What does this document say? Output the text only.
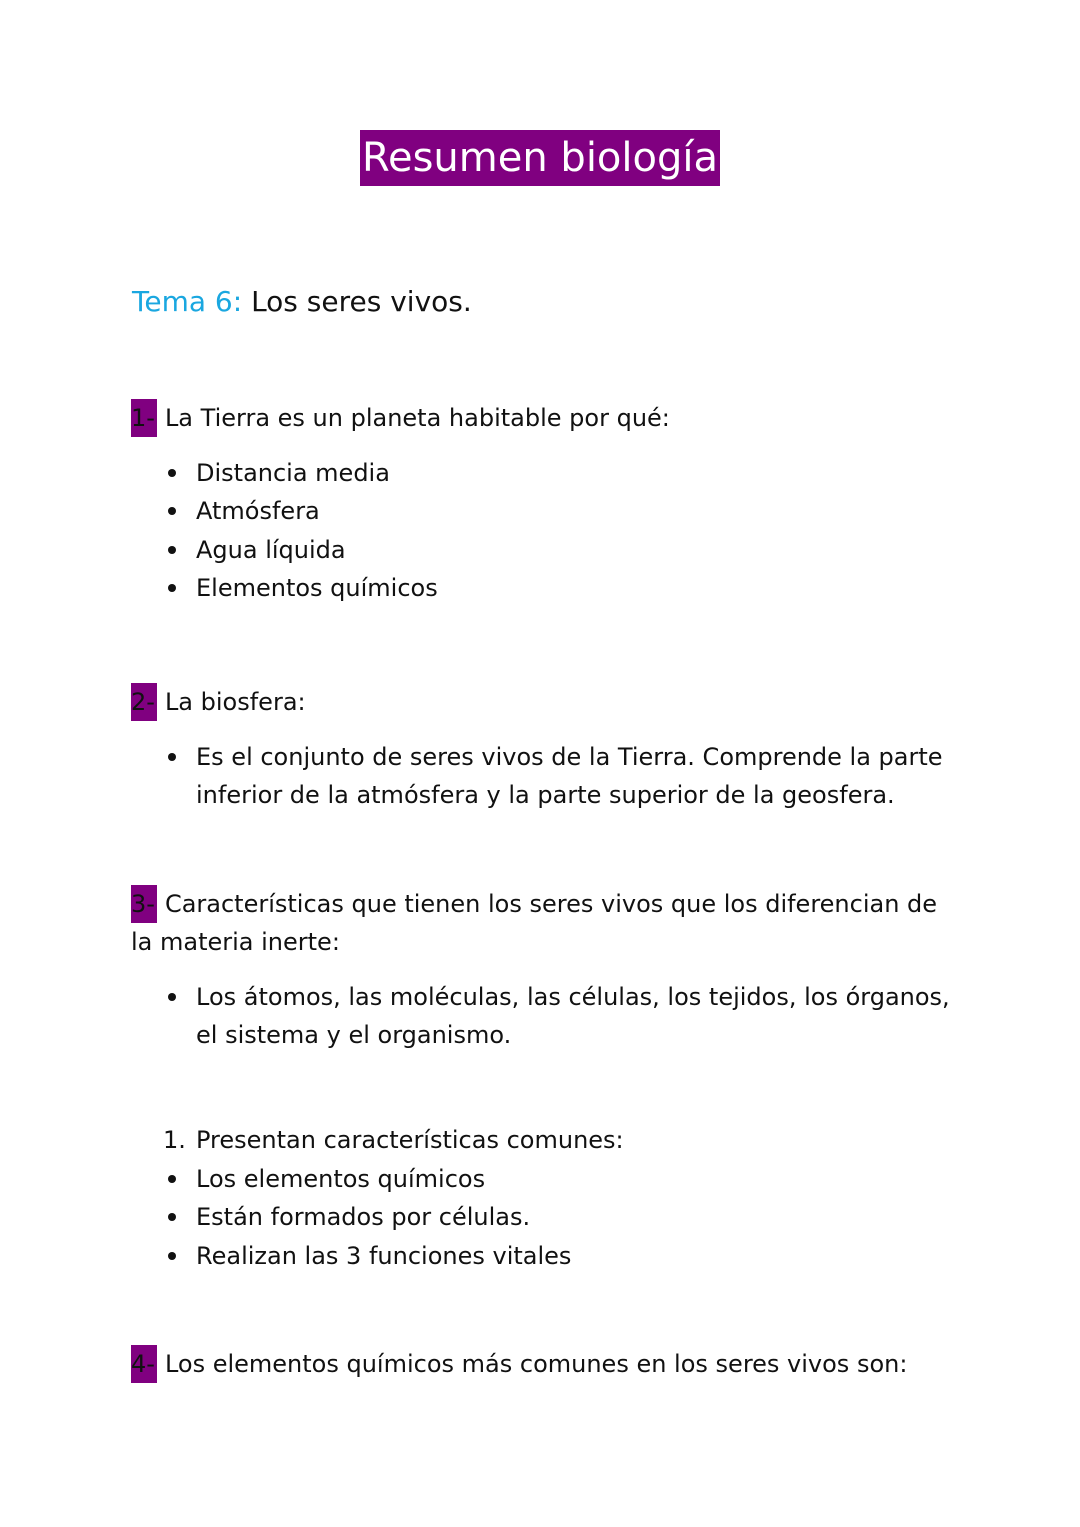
Resumen biología
Tema 6: Los seres vivos.
1- La Tierra es un planeta habitable por qué:
Distancia media
Atmósfera
Agua líquida
Elementos químicos
2- La biosfera:
Es el conjunto de seres vivos de la Tierra. Comprende la parte inferior de la atmósfera y la parte superior de la geosfera.
3- Características que tienen los seres vivos que los diferencian de la materia inerte:
Los átomos, las moléculas, las células, los tejidos, los órganos, el sistema y el organismo.
1. Presentan características comunes:
Los elementos químicos
Están formados por células.
Realizan las 3 funciones vitales
4- Los elementos químicos más comunes en los seres vivos son:
